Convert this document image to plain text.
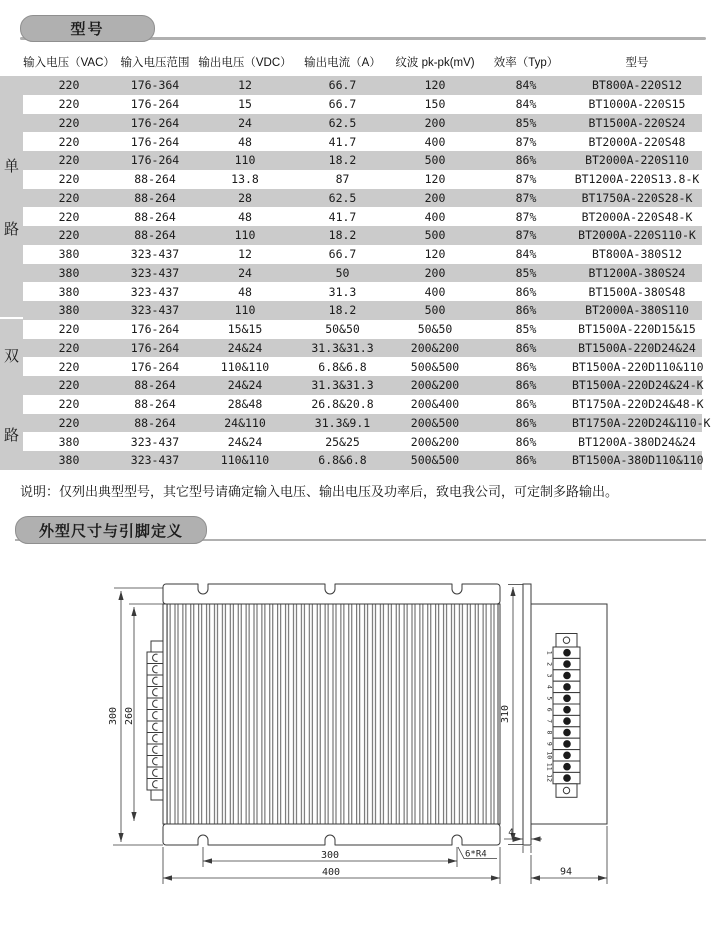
型号
输入电压（VAC） 输入电压范围 输出电压（VDC）	输出电流（A）	纹波 pk-pk(mV)	效率（Typ）	型号
单
路
双
路
220	176-364	12	66.7	120	84%	BT800A-220S12
220	176-264	15	66.7	150	84%	BT1000A-220S15
220	176-264	24	62.5	200	85%	BT1500A-220S24
220	176-264	48	41.7	400	87%	BT2000A-220S48
220	176-264	110	18.2	500	86%	BT2000A-220S110
220	88-264	13.8	87	120	87%	BT1200A-220S13.8-K
220	88-264	28	62.5	200	87%	BT1750A-220S28-K
220	88-264	48	41.7	400	87%	BT2000A-220S48-K
220	88-264	110	18.2	500	87%	BT2000A-220S110-K
380	323-437	12	66.7	120	84%	BT800A-380S12
380	323-437	24	50	200	85%	BT1200A-380S24
380	323-437	48	31.3	400	86%	BT1500A-380S48
380	323-437	110	18.2	500	86%	BT2000A-380S110
220	176-264	15&15	50&50	50&50	85%	BT1500A-220D15&15
220	176-264	24&24	31.3&31.3	200&200	86%	BT1500A-220D24&24
220	176-264	110&110	6.8&6.8	500&500	86%	BT1500A-220D110&110
220	88-264	24&24	31.3&31.3	200&200	86%	BT1500A-220D24&24-K
220	88-264	28&48	26.8&20.8	200&400	86%	BT1750A-220D24&48-K
220	88-264	24&110	31.3&9.1	200&500	86%	BT1750A-220D24&110-K
380	323-437	24&24	25&25	200&200	86%	BT1200A-380D24&24
380	323-437	110&110	6.8&6.8	500&500	86%	BT1500A-380D110&110
说明：仅列出典型型号，其它型号请确定输入电压、输出电压及功率后，致电我公司，可定制多路输出。
外型尺寸与引脚定义
300 260
300
400
6*R4
1
2
3
4
5
6
7
8
9
10
11
12
310
4
94
